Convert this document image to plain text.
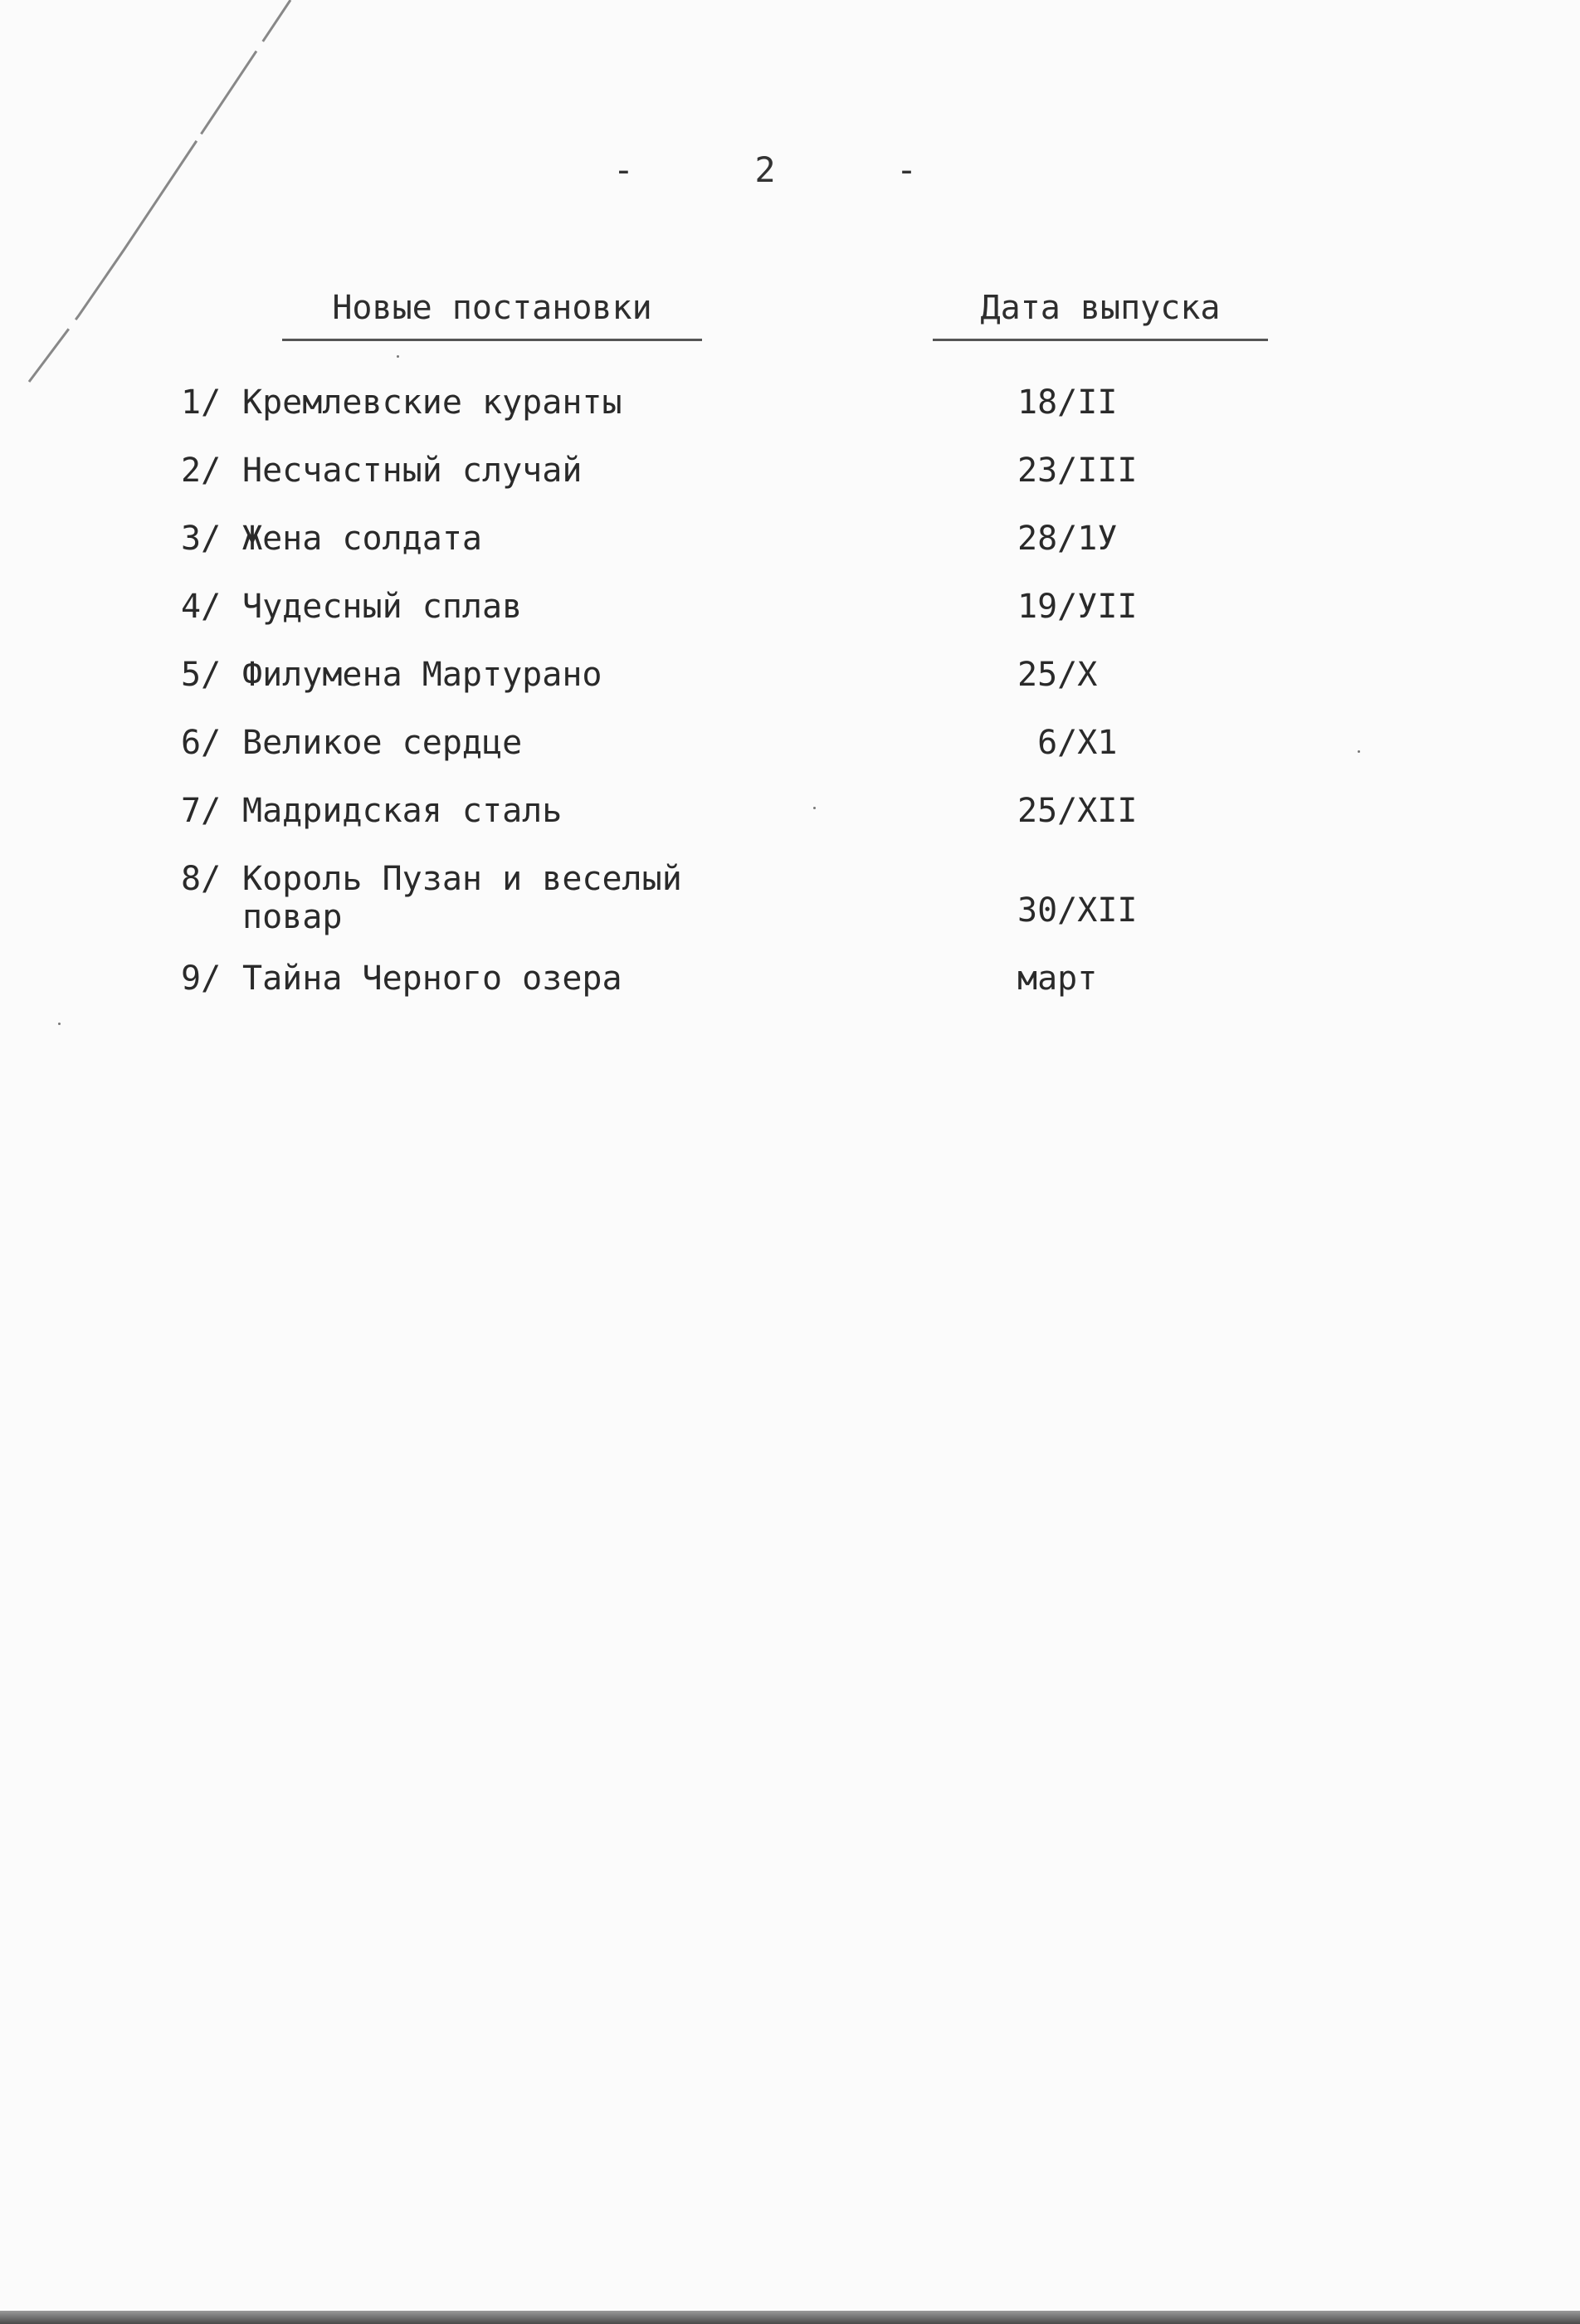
- 2 -
Новые постановки	Дата выпуска
1/ Кремлевские куранты	18/II
2/ Несчастный случай	23/III
3/ Жена солдата	28/1У
4/ Чудесный сплав	19/УII
5/ Филумена Мартурано	25/X
6/ Великое сердце	6/X1
7/ Мадридская сталь	25/XII
8/ Король Пузан и веселый
повар	30/XII
9/ Тайна Черного озера	март
